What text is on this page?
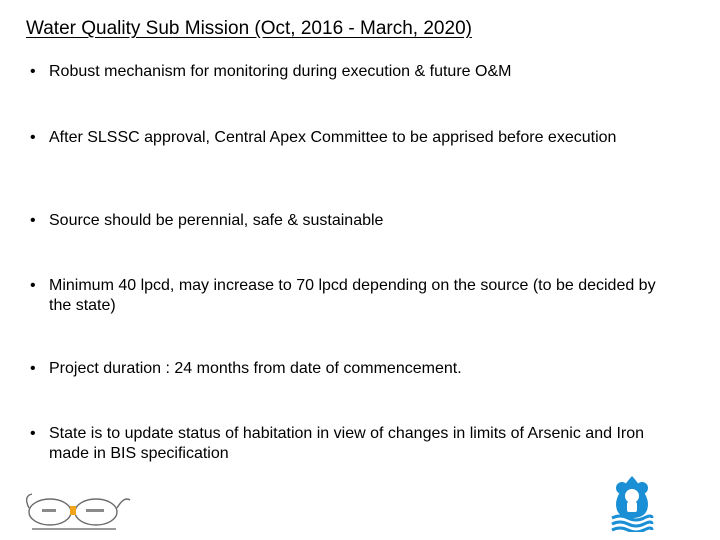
Water Quality Sub Mission (Oct, 2016 - March, 2020)
• Robust mechanism for monitoring during execution & future O&M
• After SLSSC approval, Central Apex Committee to be apprised before execution
• Source should be perennial, safe & sustainable
• Minimum 40 lpcd, may increase to 70 lpcd depending on the source (to be decided by the state)
• Project duration : 24 months from date of commencement.
• State is to update status of habitation in view of changes in limits of Arsenic and Iron made in BIS specification
